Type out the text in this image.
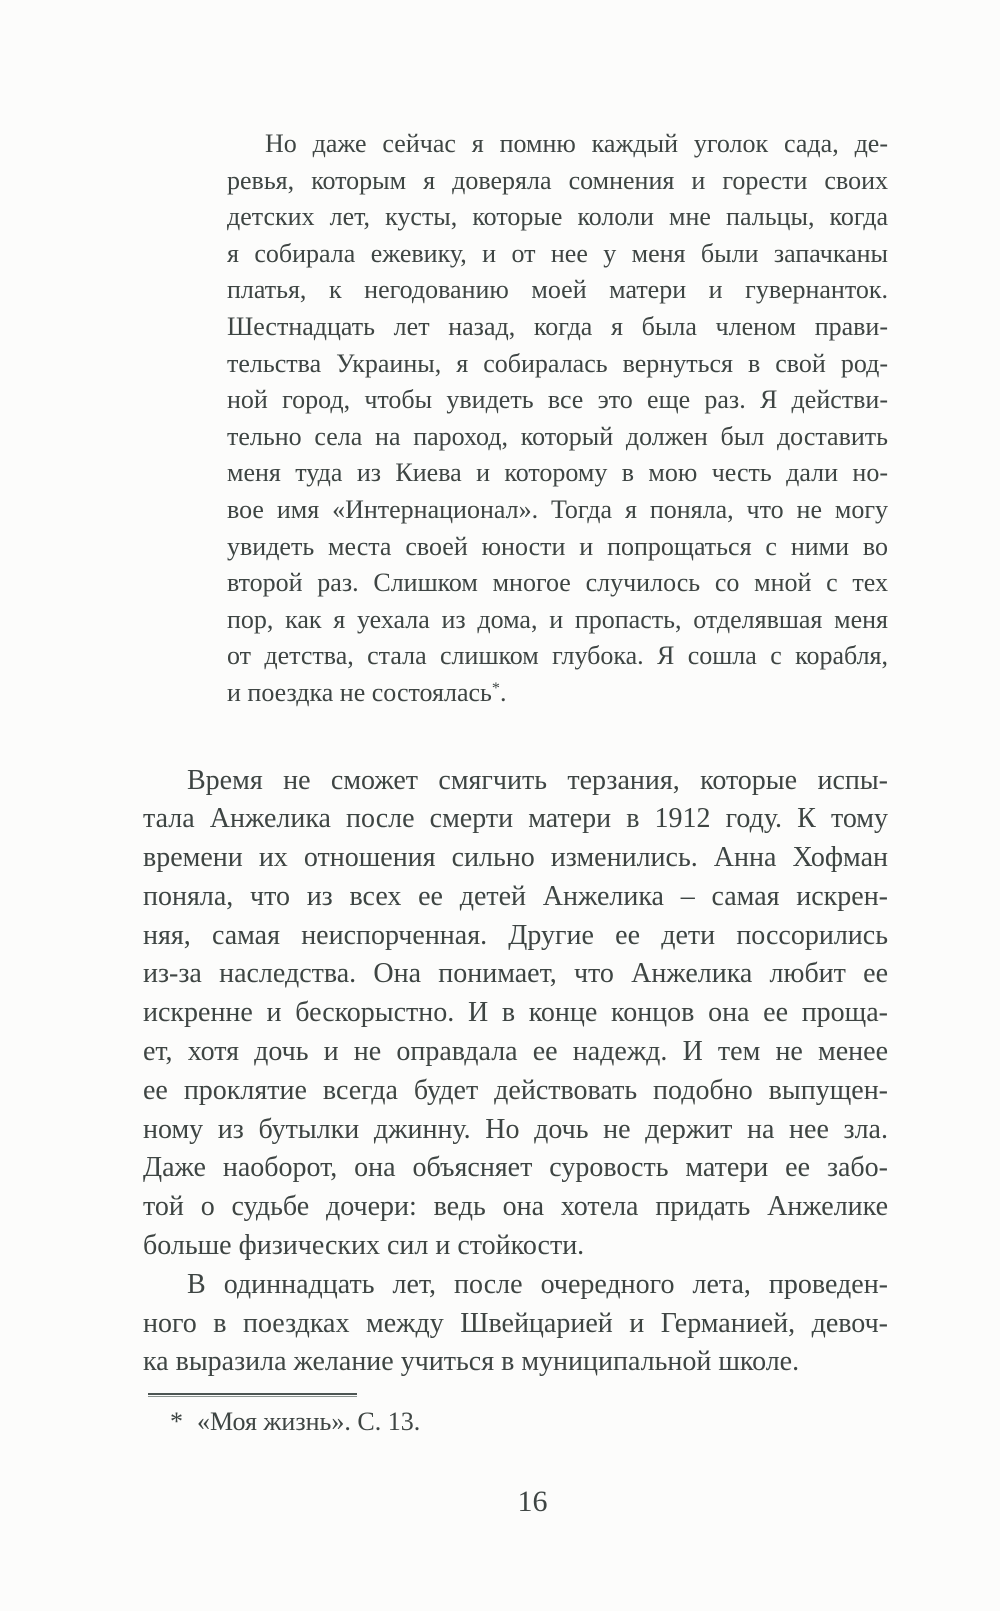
Но даже сейчас я помню каждый уголок сада, де-
ревья, которым я доверяла сомнения и горести своих
детских лет, кусты, которые кололи мне пальцы, когда
я собирала ежевику, и от нее у меня были запачканы
платья, к негодованию моей матери и гувернанток.
Шестнадцать лет назад, когда я была членом прави-
тельства Украины, я собиралась вернуться в свой род-
ной город, чтобы увидеть все это еще раз. Я действи-
тельно села на пароход, который должен был доставить
меня туда из Киева и которому в мою честь дали но-
вое имя «Интернационал». Тогда я поняла, что не могу
увидеть места своей юности и попрощаться с ними во
второй раз. Слишком многое случилось со мной с тех
пор, как я уехала из дома, и пропасть, отделявшая меня
от детства, стала слишком глубока. Я сошла с корабля,
и поездка не состоялась*.
Время не сможет смягчить терзания, которые испы-
тала Анжелика после смерти матери в 1912 году. К тому
времени их отношения сильно изменились. Анна Хофман
поняла, что из всех ее детей Анжелика – самая искрен-
няя, самая неиспорченная. Другие ее дети поссорились
из-за наследства. Она понимает, что Анжелика любит ее
искренне и бескорыстно. И в конце концов она ее проща-
ет, хотя дочь и не оправдала ее надежд. И тем не менее
ее проклятие всегда будет действовать подобно выпущен-
ному из бутылки джинну. Но дочь не держит на нее зла.
Даже наоборот, она объясняет суровость матери ее забо-
той о судьбе дочери: ведь она хотела придать Анжелике
больше физических сил и стойкости.
В одиннадцать лет, после очередного лета, проведен-
ного в поездках между Швейцарией и Германией, девоч-
ка выразила желание учиться в муниципальной школе.
* «Моя жизнь». С. 13.
16
